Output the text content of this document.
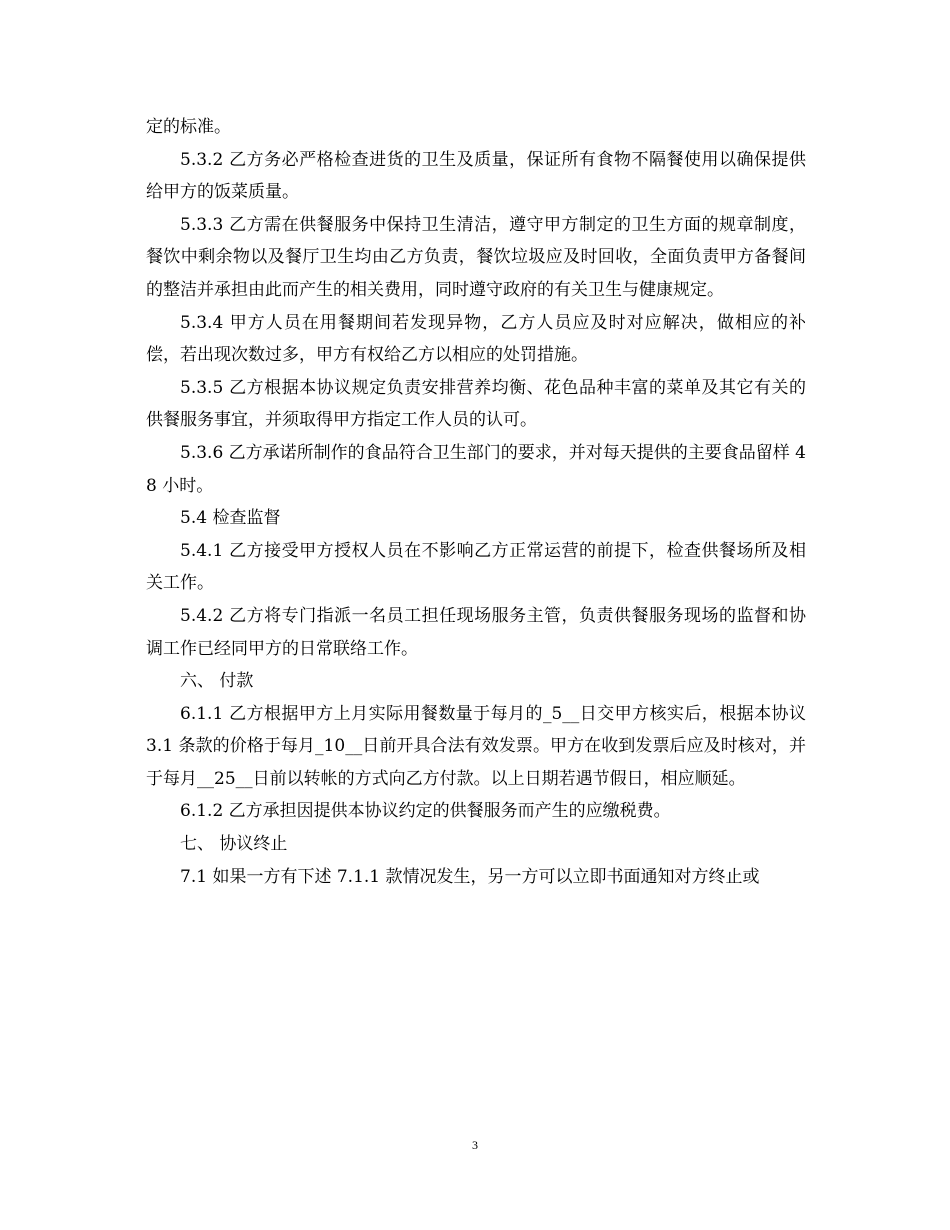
定的标准。

5.3.2 乙方务必严格检查进货的卫生及质量，保证所有食物不隔餐使用以确保提供给甲方的饭菜质量。

5.3.3 乙方需在供餐服务中保持卫生清洁，遵守甲方制定的卫生方面的规章制度，餐饮中剩余物以及餐厅卫生均由乙方负责，餐饮垃圾应及时回收，全面负责甲方备餐间的整洁并承担由此而产生的相关费用，同时遵守政府的有关卫生与健康规定。

5.3.4 甲方人员在用餐期间若发现异物，乙方人员应及时对应解决，做相应的补偿，若出现次数过多，甲方有权给乙方以相应的处罚措施。

5.3.5 乙方根据本协议规定负责安排营养均衡、花色品种丰富的菜单及其它有关的供餐服务事宜，并须取得甲方指定工作人员的认可。

5.3.6 乙方承诺所制作的食品符合卫生部门的要求，并对每天提供的主要食品留样 48 小时。

5.4 检查监督

5.4.1 乙方接受甲方授权人员在不影响乙方正常运营的前提下，检查供餐场所及相关工作。

5.4.2 乙方将专门指派一名员工担任现场服务主管，负责供餐服务现场的监督和协调工作已经同甲方的日常联络工作。

六、 付款

6.1.1 乙方根据甲方上月实际用餐数量于每月的_5__日交甲方核实后，根据本协议 3.1 条款的价格于每月_10__日前开具合法有效发票。甲方在收到发票后应及时核对，并于每月__25__日前以转帐的方式向乙方付款。以上日期若遇节假日，相应顺延。

6.1.2 乙方承担因提供本协议约定的供餐服务而产生的应缴税费。

七、 协议终止

7.1 如果一方有下述 7.1.1 款情况发生，另一方可以立即书面通知对方终止或

3
